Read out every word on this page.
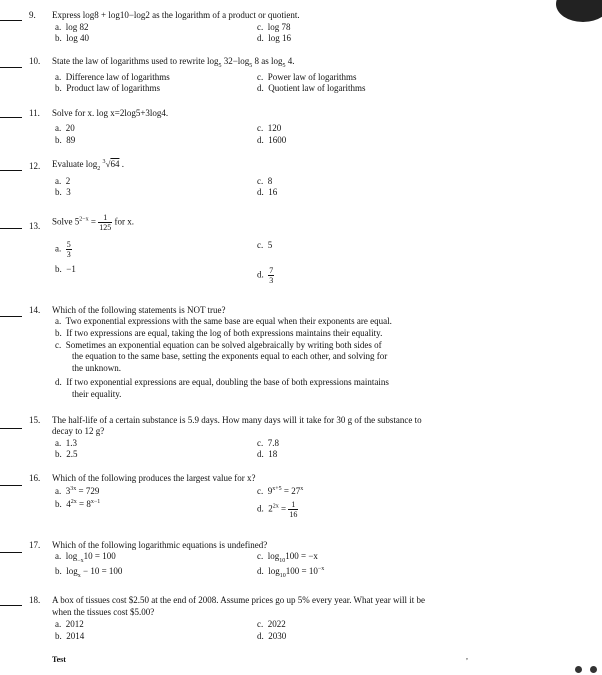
9. Express log8 + log10−log2 as the logarithm of a product or quotient.
a. log 82
b. log 40
c. log 78
d. log 16
10. State the law of logarithms used to rewrite $\log_5 32-\log_5$ 8 as $\log_5 4$.
a. Difference law of logarithms
b. Product law of logarithms
c. Power law of logarithms
d. Quotient law of logarithms
11. Solve for x. log x=2log5+3log4.
a. 20
b. 89
c. 120
d. 1600
12. Evaluate $\log_2 ^3√64$ .
a. 2
b. 3
c. 8
d. 16
13. Solve $5^{2-x} = \frac{1}{125}$ for x.
a. $\frac{5}{3}$
b. −1
c. 5
d. $\frac{7}{3}$
14. Which of the following statements is NOT true?
a. Two exponential expressions with the same base are equal when their exponents are equal.
b. If two expressions are equal, taking the log of both expressions maintains their equality.
c. Sometimes an exponential equation can be solved algebraically by writing both sides of
the equation to the same base, setting the exponents equal to each other, and solving for
the unknown.
d. If two exponential expressions are equal, doubling the base of both expressions maintains
their equality.
15. The half-life of a certain substance is 5.9 days. How many days will it take for 30 g of the substance to
decay to 12 g?
a. 1.3
b. 2.5
c. 7.8
d. 18
16. Which of the following produces the largest value for x?
a.  $3^{3x} = 729$
b.  $4^{2x} = 8^{x-1}$
c.  $9^{x+5} = 27^x$
d.  $2^{2x} = \frac{1}{16}$
17. Which of the following logarithmic equations is undefined?
a.  $\log_{-x}10 = 100$
b.  $\log_x - 10 = 100$
c.  $\log_{10}100 = -x$
d.  $\log_{10}100 = 10^{-x}$
18. A box of tissues cost $2.50 at the end of 2008. Assume prices go up 5% every year. What year will it be
when the tissues cost $5.00?
a. 2012
b. 2014
c. 2022
d. 2030
Test	,
